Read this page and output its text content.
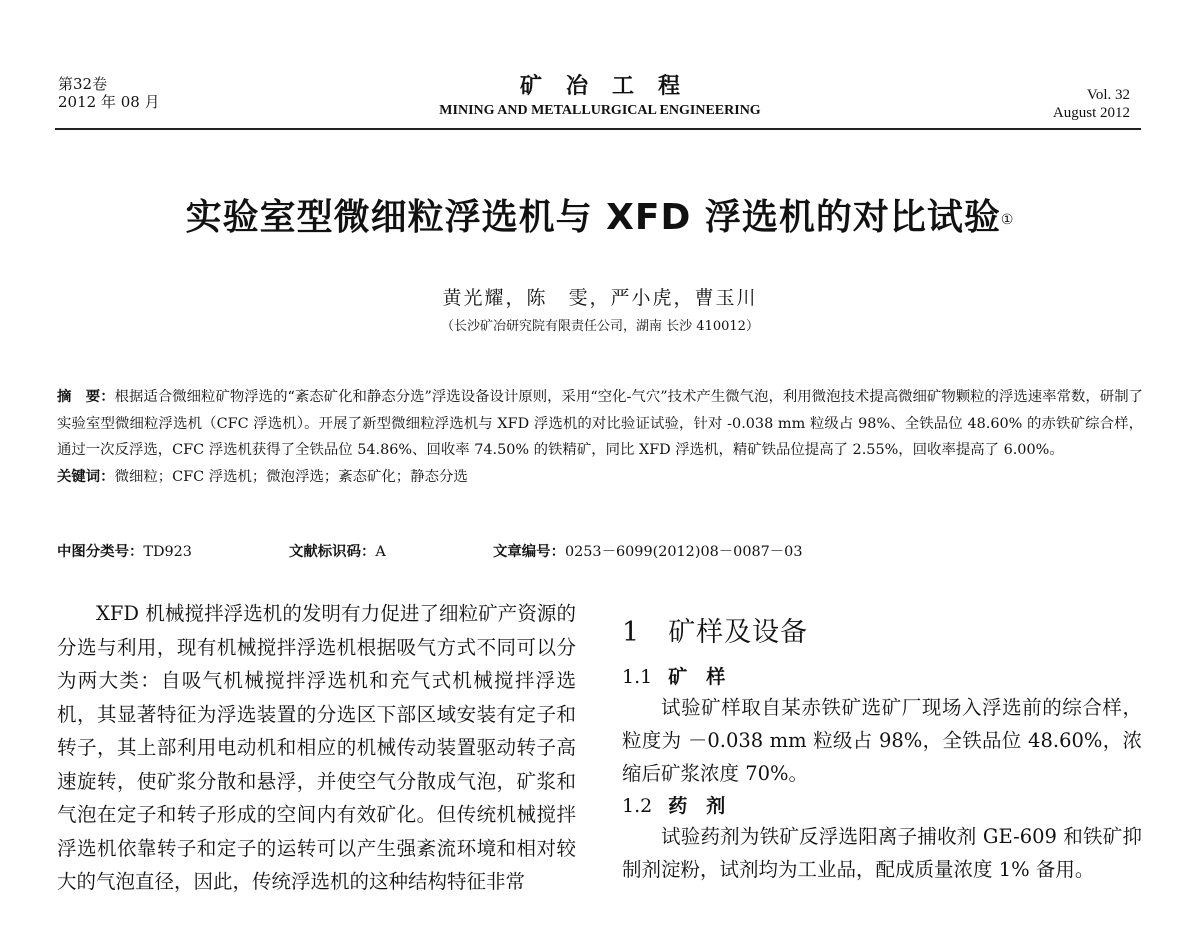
第32卷
2012 年 08 月
矿冶工程
MINING AND METALLURGICAL ENGINEERING
Vol. 32
August 2012
实验室型微细粒浮选机与 XFD 浮选机的对比试验①
黄光耀，陈　雯，严小虎，曹玉川
（长沙矿冶研究院有限责任公司，湖南 长沙 410012）

摘　要：根据适合微细粒矿物浮选的“紊态矿化和静态分选”浮选设备设计原则，采用“空化-气穴”技术产生微气泡，利用微泡技术提高微细矿物颗粒的浮选速率常数，研制了实验室型微细粒浮选机（CFC 浮选机）。开展了新型微细粒浮选机与 XFD 浮选机的对比验证试验，针对 -0.038 mm 粒级占 98%、全铁品位 48.60% 的赤铁矿综合样，通过一次反浮选，CFC 浮选机获得了全铁品位 54.86%、回收率 74.50% 的铁精矿，同比 XFD 浮选机，精矿铁品位提高了 2.55%，回收率提高了 6.00%。

关键词：微细粒；CFC 浮选机；微泡浮选；紊态矿化；静态分选

中图分类号：TD923	文献标识码：A	文章编号：0253－6099(2012)08－0087－03

XFD 机械搅拌浮选机的发明有力促进了细粒矿产资源的分选与利用，现有机械搅拌浮选机根据吸气方式不同可以分为两大类：自吸气机械搅拌浮选机和充气式机械搅拌浮选机，其显著特征为浮选装置的分选区下部区域安装有定子和转子，其上部利用电动机和相应的机械传动装置驱动转子高速旋转，使矿浆分散和悬浮，并使空气分散成气泡，矿浆和气泡在定子和转子形成的空间内有效矿化。但传统机械搅拌浮选机依靠转子和定子的运转可以产生强紊流环境和相对较大的气泡直径，因此，传统浮选机的这种结构特征非常

1 矿样及设备
1.1 矿　样

试验矿样取自某赤铁矿选矿厂现场入浮选前的综合样，粒度为 －0.038 mm 粒级占 98%，全铁品位 48.60%，浓缩后矿浆浓度 70%。

1.2 药　剂

试验药剂为铁矿反浮选阳离子捕收剂 GE-609 和铁矿抑制剂淀粉，试剂均为工业品，配成质量浓度 1% 备用。
